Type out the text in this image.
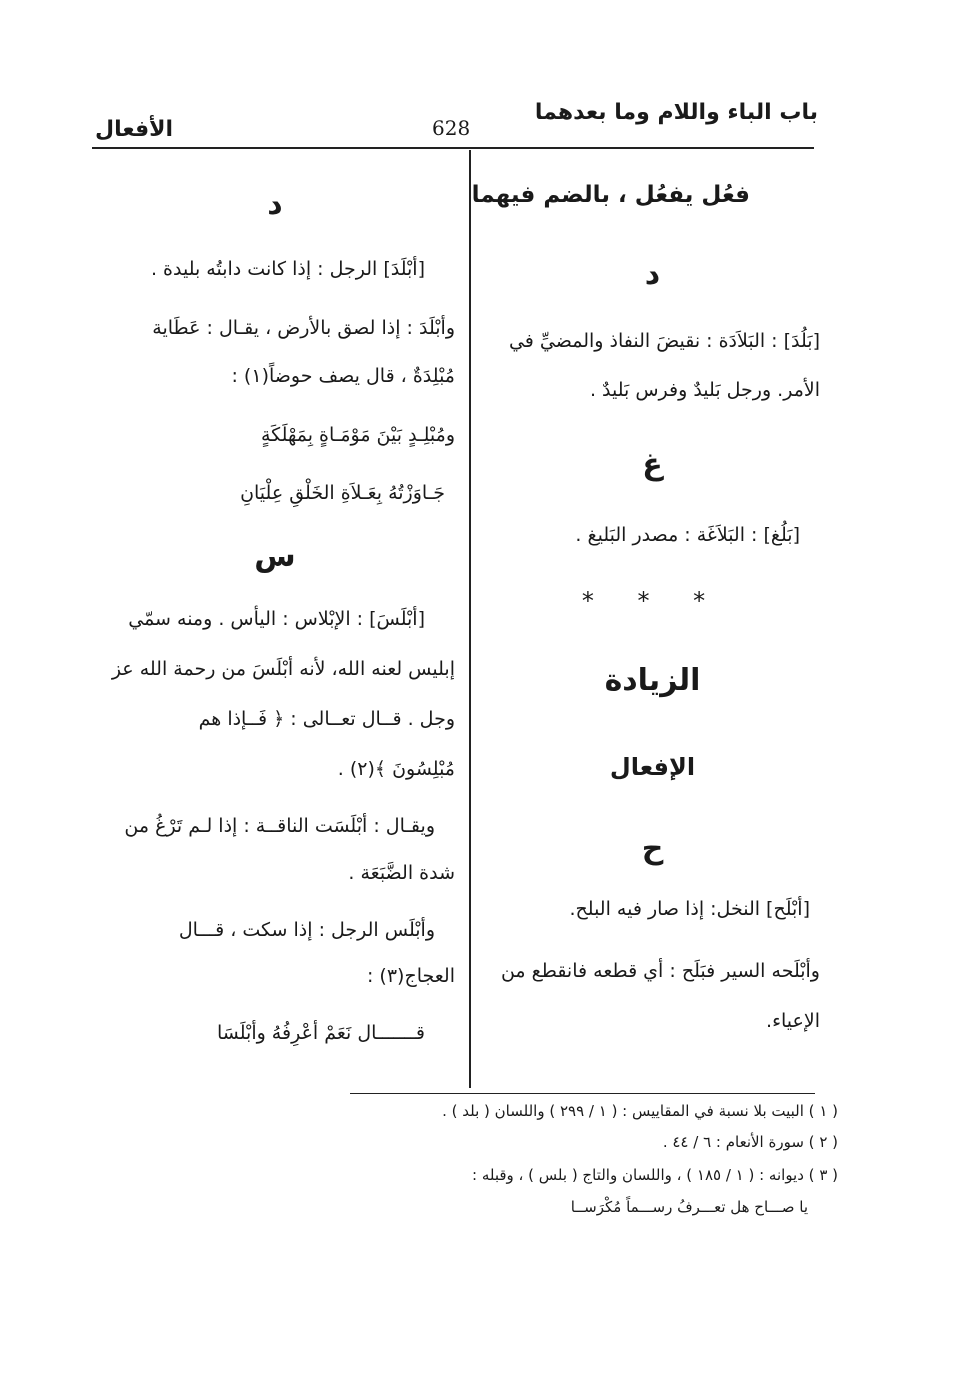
باب الباء واللام وما بعدهما
628
الأفعال
فعُل يفعُل ، بالضم فيهما
د
[بَلُدَ] : البَلاَدَة : نقيضَ النفاذ والمضيِّ في
الأمر. ورجل بَليدٌ وفرس بَليدٌ .
غ
[بَلُغ] : البَلاَغَة : مصدر البَليغ .
* * *
الزيادة
الإفعال
ح
[أبْلَح] النخل: إذا صار فيه البلح.
وأبْلَحه السير فبَلَح : أي قطعه فانقطع من
الإعياء.
د
[أبْلَدَ] الرجل : إذا كانت دابتُه بليدة .
وأبْلَدَ : إذا لصق بالأرض ، يقـال : عَطَاية
مُبْلِدَةٌ ، قال يصف حوضاً(١) :
ومُبْلِـدٍ بَيْنَ مَوْمَـاةٍ بِمَهْلَكَةٍ
جَـاوَزْتُهُ بِعَـلاَةِ الخَلْقِ عِلْيَانِ
س
[أبْلَسَ] : الإبْلاس : اليأس . ومنه سمّي
إبليس لعنه الله، لأنه أبْلَسَ من رحمة الله عز
وجل . قــال تعــالى : ﴿ فَــإذا هم
مُبْلِسُونَ ﴾(٢) .
ويقـال : أبْلَسَت الناقــة : إذا لـم تَرْغُ من
شدة الضَّبَعَة .
وأبْلَس الرجل : إذا سكت ، قـــال
العجاج(٣) :
قـــــــال نَعَمْ أعْرِفُهُ وأبْلَسَا
( ١ ) البيت بلا نسبة في المقاييس : ( ١ / ٢٩٩ ) واللسان ( بلد ) .
( ٢ ) سورة الأنعام : ٦ / ٤٤ .
( ٣ ) ديوانه : ( ١ / ١٨٥ ) ، واللسان والتاج ( بلس ) ، وقبله :
يا صـــاح هل تعـــرفُ رســـماً مُكْرَســا
